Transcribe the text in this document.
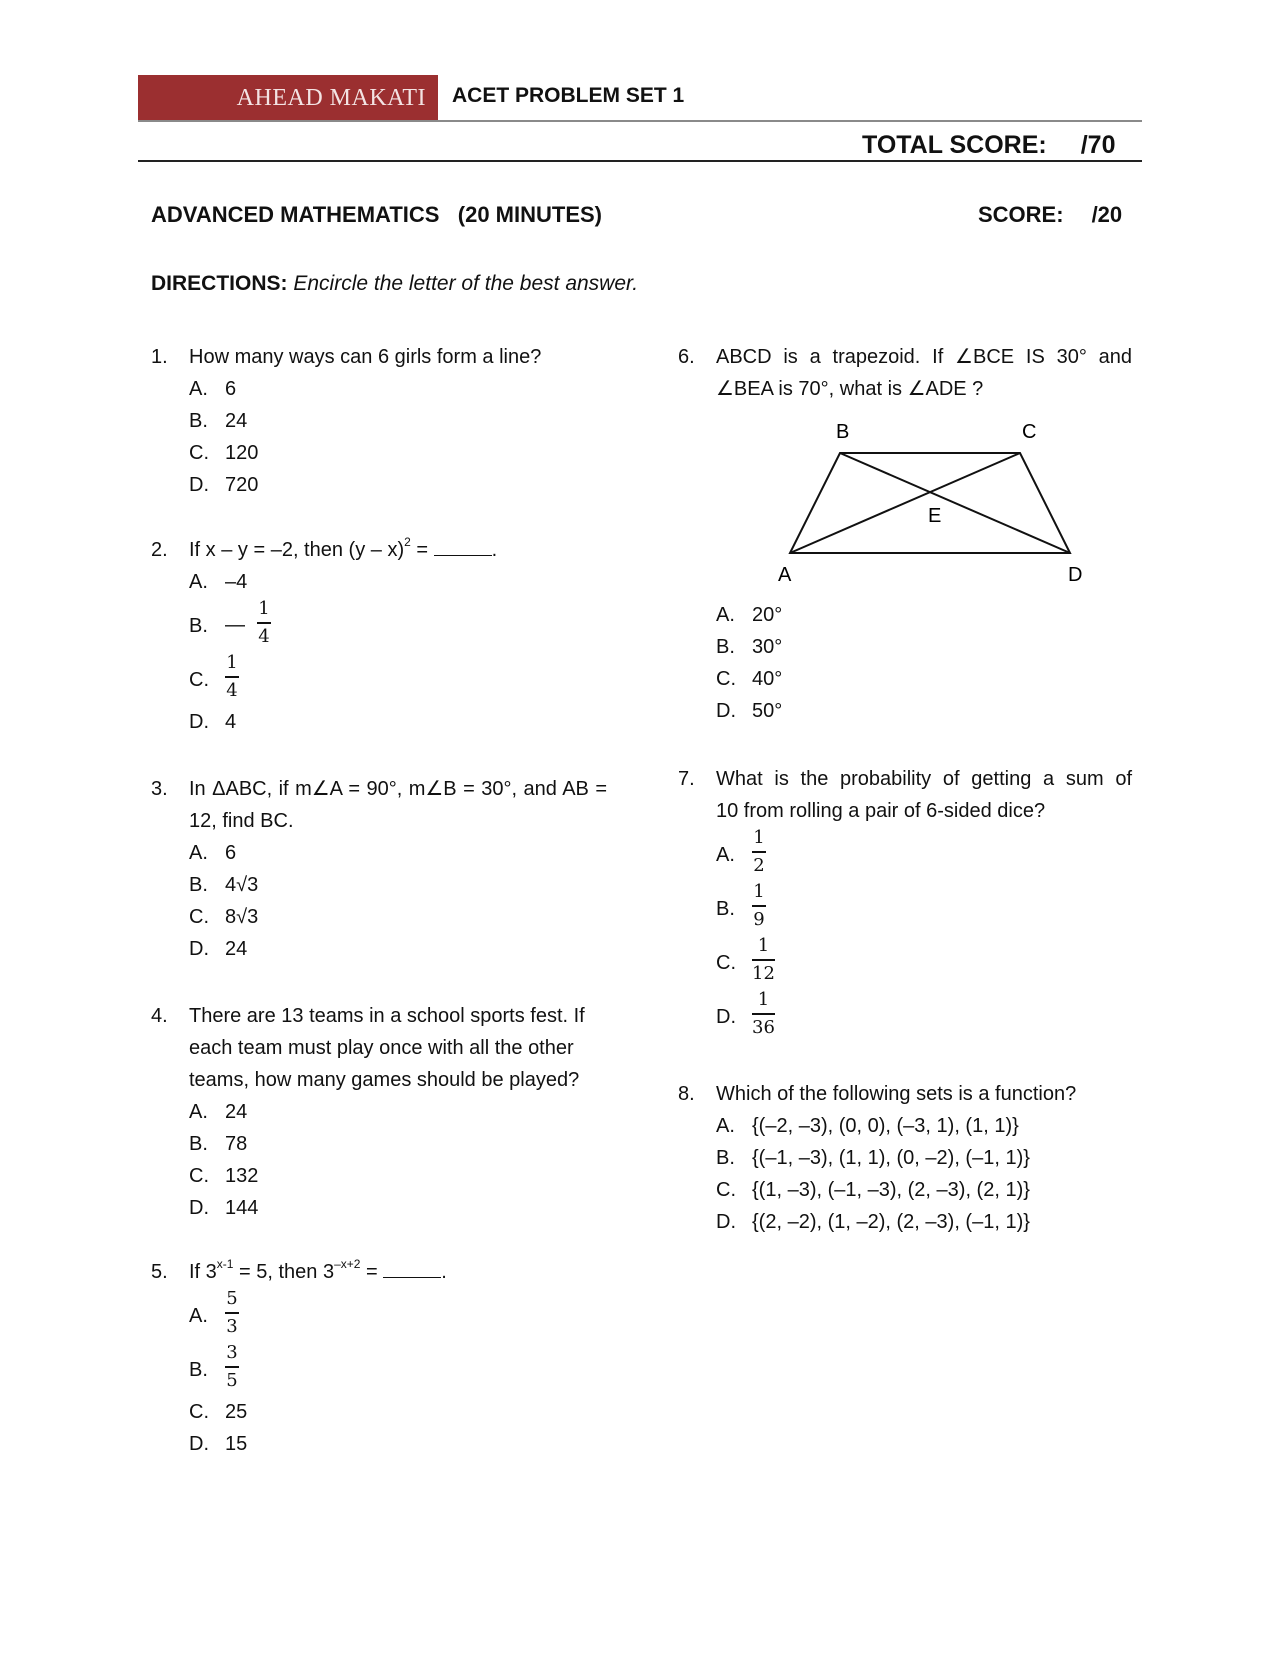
AHEAD MAKATI ACET PROBLEM SET 1
TOTAL SCORE: /70
ADVANCED MATHEMATICS   (20 MINUTES)	SCORE: /20
DIRECTIONS: Encircle the letter of the best answer.
1. How many ways can 6 girls form a line?
A. 6
B. 24
C. 120
D. 720
2. If x – y = –2, then (y – x)$^2$ =	.
A. –4
B. —
1
4
C.
1
4
D. 4
3. In ΔABC, if m∠A = 90°, m∠B = 30°, and AB =
12, find BC.
A. 6
B. 4√3
C. 8√3
D. 24
4. There are 13 teams in a school sports fest. If
each team must play once with all the other
teams, how many games should be played?
A. 24
B. 78
C. 132
D. 144
5. If $3^{x-1} = 5$, then $3^{-x+2}$ =	.
A.
5
3
B.
3
5
C. 25
D. 15
6. ABCD is a trapezoid. If ∠BCE IS 30° and
∠BEA is 70°, what is ∠ADE ?
B	C
E
A	D
A. 20°
B. 30°
C. 40°
D. 50°
7. What is the probability of getting a sum of
10 from rolling a pair of 6-sided dice?
A.
1
2
B.
1
9
C.
1
12
D.
1
36
8. Which of the following sets is a function?
A. {(–2, –3), (0, 0), (–3, 1), (1, 1)}
B. {(–1, –3), (1, 1), (0, –2), (–1, 1)}
C. {(1, –3), (–1, –3), (2, –3), (2, 1)}
D. {(2, –2), (1, –2), (2, –3), (–1, 1)}
